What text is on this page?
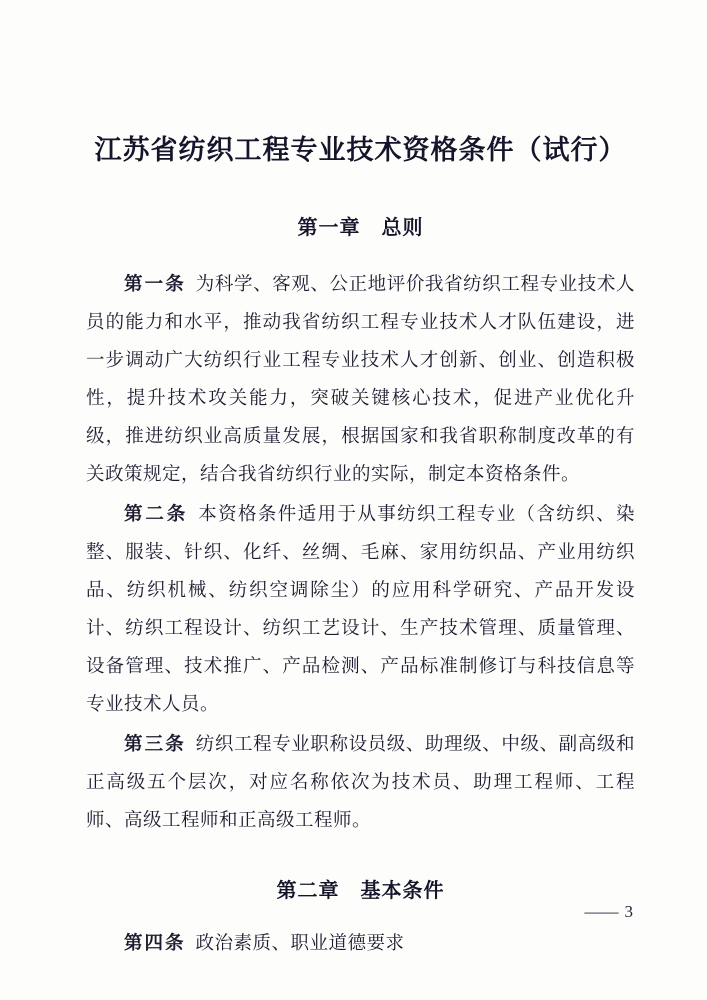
江苏省纺织工程专业技术资格条件（试行）
第一章　总则

第一条 为科学、客观、公正地评价我省纺织工程专业技术人员的能力和水平，推动我省纺织工程专业技术人才队伍建设，进一步调动广大纺织行业工程专业技术人才创新、创业、创造积极性，提升技术攻关能力，突破关键核心技术，促进产业优化升级，推进纺织业高质量发展，根据国家和我省职称制度改革的有关政策规定，结合我省纺织行业的实际，制定本资格条件。

第二条 本资格条件适用于从事纺织工程专业（含纺织、染整、服装、针织、化纤、丝绸、毛麻、家用纺织品、产业用纺织品、纺织机械、纺织空调除尘）的应用科学研究、产品开发设计、纺织工程设计、纺织工艺设计、生产技术管理、质量管理、设备管理、技术推广、产品检测、产品标准制修订与科技信息等专业技术人员。

第三条 纺织工程专业职称设员级、助理级、中级、副高级和正高级五个层次，对应名称依次为技术员、助理工程师、工程师、高级工程师和正高级工程师。

第二章　基本条件

第四条 政治素质、职业道德要求

—— 3
